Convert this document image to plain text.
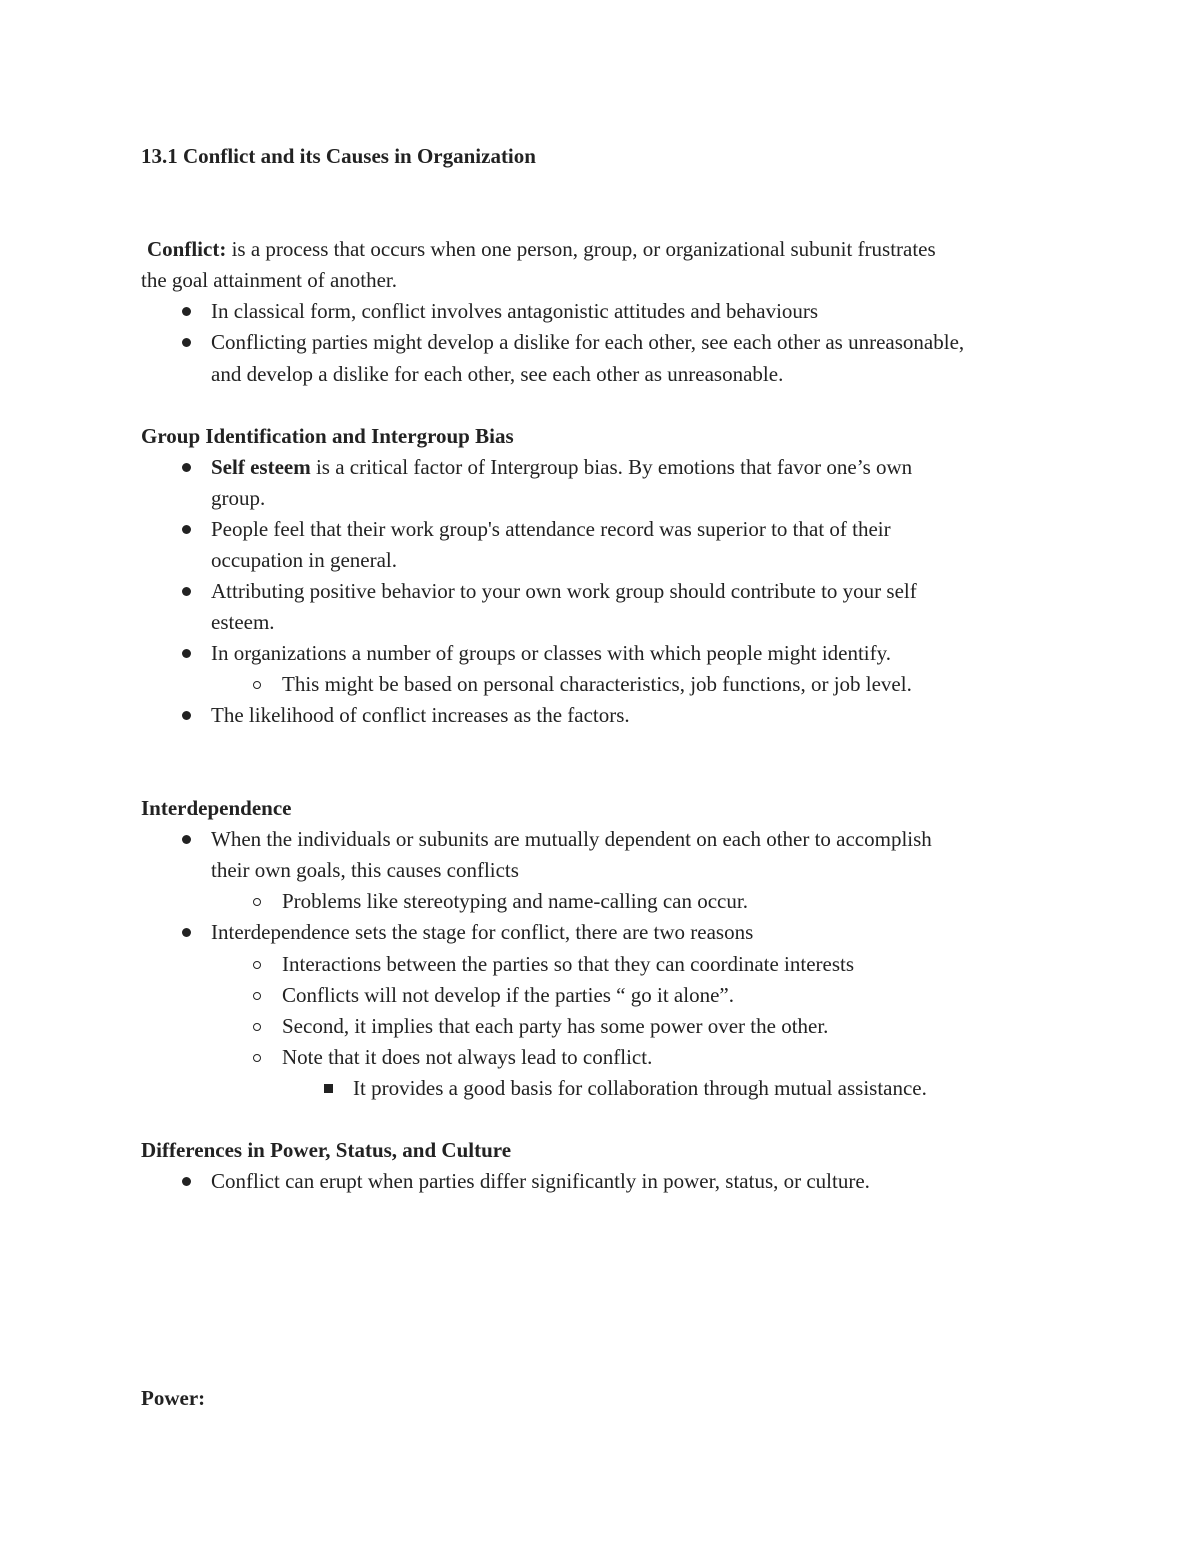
13.1 Conflict and its Causes in Organization
Conflict: is a process that occurs when one person, group, or organizational subunit frustrates
the goal attainment of another.
In classical form, conflict involves antagonistic attitudes and behaviours
Conflicting parties might develop a dislike for each other, see each other as unreasonable,
and develop a dislike for each other, see each other as unreasonable.
Group Identification and Intergroup Bias
Self esteem is a critical factor of Intergroup bias. By emotions that favor one’s own
group.
People feel that their work group's attendance record was superior to that of their
occupation in general.
Attributing positive behavior to your own work group should contribute to your self
esteem.
In organizations a number of groups or classes with which people might identify.
This might be based on personal characteristics, job functions, or job level.
The likelihood of conflict increases as the factors.
Interdependence
When the individuals or subunits are mutually dependent on each other to accomplish
their own goals, this causes conflicts
Problems like stereotyping and name-calling can occur.
Interdependence sets the stage for conflict, there are two reasons
Interactions between the parties so that they can coordinate interests
Conflicts will not develop if the parties “ go it alone”.
Second, it implies that each party has some power over the other.
Note that it does not always lead to conflict.
It provides a good basis for collaboration through mutual assistance.
Differences in Power, Status, and Culture
Conflict can erupt when parties differ significantly in power, status, or culture.
Power:
